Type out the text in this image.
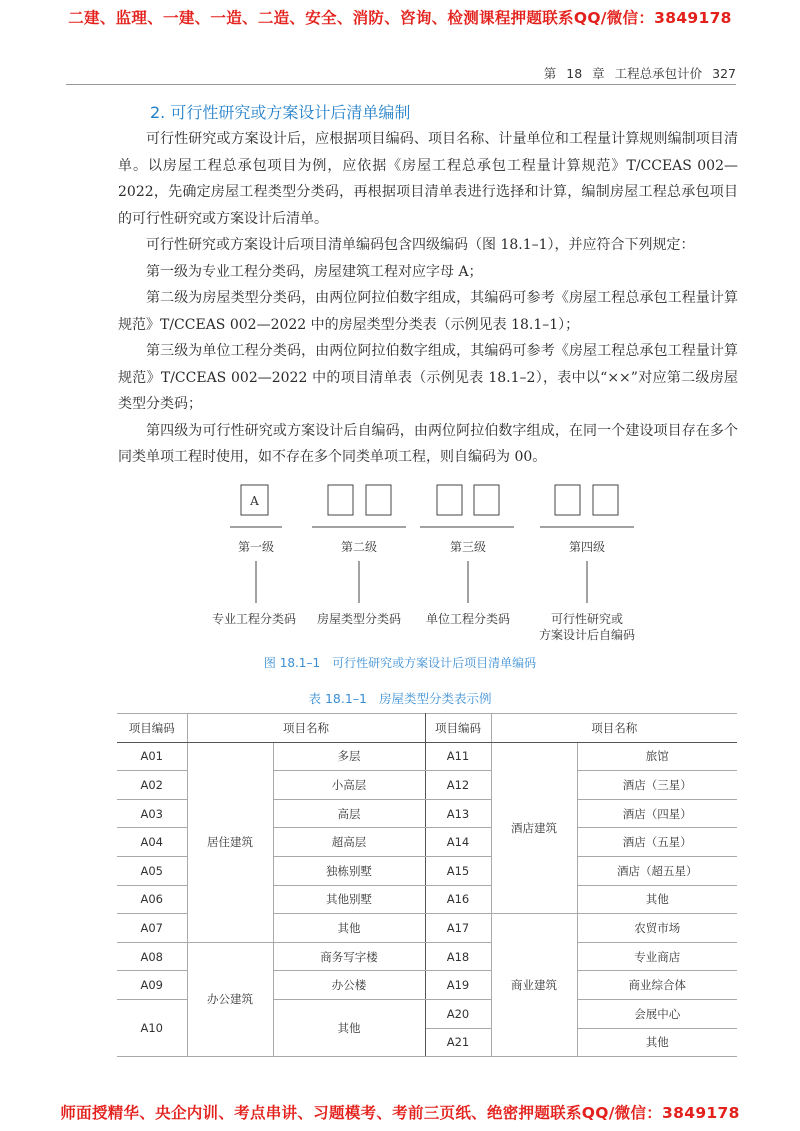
二建、监理、一建、一造、二造、安全、消防、咨询、检测课程押题联系QQ/微信：3849178
第 18 章 工程总承包计价 327
2. 可行性研究或方案设计后清单编制

可行性研究或方案设计后，应根据项目编码、项目名称、计量单位和工程量计算规则编制项目清单。以房屋工程总承包项目为例，应依据《房屋工程总承包工程量计算规范》T/CCEAS 002—2022，先确定房屋工程类型分类码，再根据项目清单表进行选择和计算，编制房屋工程总承包项目的可行性研究或方案设计后清单。

可行性研究或方案设计后项目清单编码包含四级编码（图 18.1–1），并应符合下列规定：

第一级为专业工程分类码，房屋建筑工程对应字母 A；

第二级为房屋类型分类码，由两位阿拉伯数字组成，其编码可参考《房屋工程总承包工程量计算规范》T/CCEAS 002—2022 中的房屋类型分类表（示例见表 18.1–1）；

第三级为单位工程分类码，由两位阿拉伯数字组成，其编码可参考《房屋工程总承包工程量计算规范》T/CCEAS 002—2022 中的项目清单表（示例见表 18.1–2），表中以“××”对应第二级房屋类型分类码；

第四级为可行性研究或方案设计后自编码，由两位阿拉伯数字组成，在同一个建设项目存在多个同类单项工程时使用，如不存在多个同类单项工程，则自编码为 00。

A
第一级	第二级	第三级	第四级
专业工程分类码 房屋类型分类码 单位工程分类码	可行性研究或
方案设计后自编码
图 18.1–1 可行性研究或方案设计后项目清单编码
表 18.1–1 房屋类型分类表示例
项目编码	项目名称		项目编码	项目名称	
A01	居住建筑	多层	A11	酒店建筑	旅馆
A02		小高层	A12		酒店（三星）
A03		高层	A13		酒店（四星）
A04		超高层	A14		酒店（五星）
A05		独栋别墅	A15		酒店（超五星）
A06		其他别墅	A16		其他
A07		其他	A17	商业建筑	农贸市场
A08	办公建筑	商务写字楼	A18		专业商店
A09		办公楼	A19		商业综合体
A10		其他	A20		会展中心
			A21		其他
师面授精华、央企内训、考点串讲、习题模考、考前三页纸、绝密押题联系QQ/微信：3849178
